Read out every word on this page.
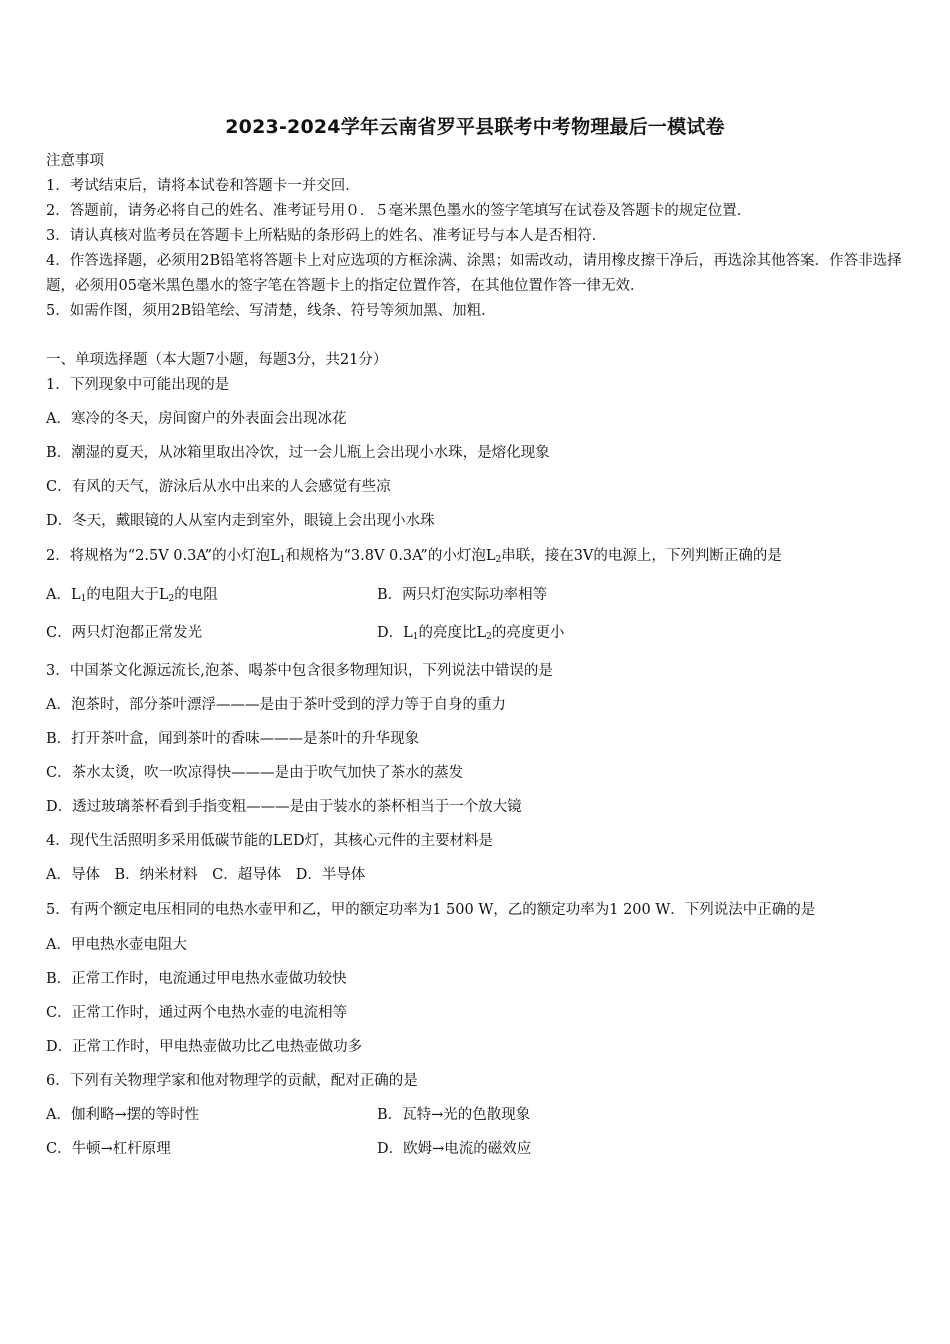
2023-2024学年云南省罗平县联考中考物理最后一模试卷
注意事项
1．考试结束后，请将本试卷和答题卡一并交回．
2．答题前，请务必将自己的姓名、准考证号用０．５毫米黑色墨水的签字笔填写在试卷及答题卡的规定位置．
3．请认真核对监考员在答题卡上所粘贴的条形码上的姓名、准考证号与本人是否相符．
4．作答选择题，必须用2B铅笔将答题卡上对应选项的方框涂满、涂黑；如需改动，请用橡皮擦干净后，再选涂其他答案．作答非选择题，必须用05毫米黑色墨水的签字笔在答题卡上的指定位置作答，在其他位置作答一律无效．
5．如需作图，须用2B铅笔绘、写清楚，线条、符号等须加黑、加粗．
一、单项选择题（本大题7小题，每题3分，共21分）
1．下列现象中可能出现的是
A．寒冷的冬天，房间窗户的外表面会出现冰花
B．潮湿的夏天，从冰箱里取出冷饮，过一会儿瓶上会出现小水珠，是熔化现象
C．有风的天气，游泳后从水中出来的人会感觉有些凉
D．冬天，戴眼镜的人从室内走到室外，眼镜上会出现小水珠
2．将规格为“2.5V 0.3A”的小灯泡$L_1$和规格为“3.8V 0.3A”的小灯泡$L_2$串联，接在3V的电源上，下列判断正确的是
A．$L_1$的电阻大于$L_2$的电阻	B．两只灯泡实际功率相等
C．两只灯泡都正常发光	D．$L_1$的亮度比$L_2$的亮度更小
3．中国茶文化源远流长,泡茶、喝茶中包含很多物理知识，下列说法中错误的是
A．泡茶时，部分茶叶漂浮———是由于茶叶受到的浮力等于自身的重力
B．打开茶叶盒，闻到茶叶的香味———是茶叶的升华现象
C．茶水太烫，吹一吹凉得快———是由于吹气加快了茶水的蒸发
D．透过玻璃茶杯看到手指变粗———是由于装水的茶杯相当于一个放大镜
4．现代生活照明多采用低碳节能的LED灯，其核心元件的主要材料是
A．导体　B．纳米材料　C．超导体　D．半导体
5．有两个额定电压相同的电热水壶甲和乙，甲的额定功率为1 500 W，乙的额定功率为1 200 W．下列说法中正确的是
A．甲电热水壶电阻大
B．正常工作时，电流通过甲电热水壶做功较快
C．正常工作时，通过两个电热水壶的电流相等
D．正常工作时，甲电热壶做功比乙电热壶做功多
6．下列有关物理学家和他对物理学的贡献，配对正确的是
A．伽利略→摆的等时性	B．瓦特→光的色散现象
C．牛顿→杠杆原理	D．欧姆→电流的磁效应
